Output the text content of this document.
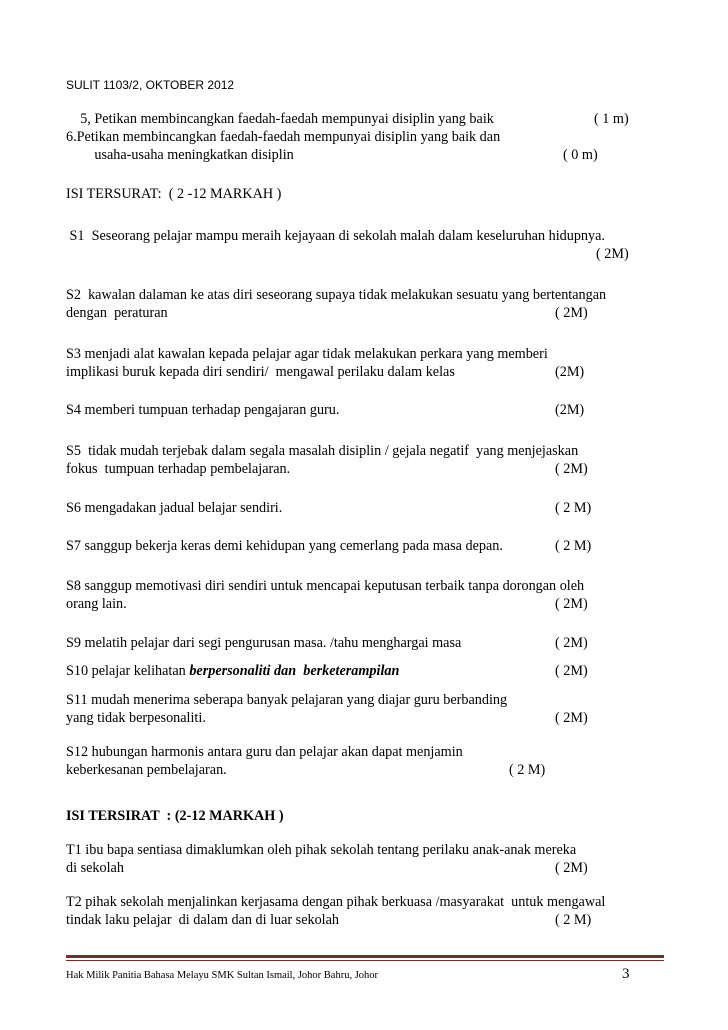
SULIT 1103/2, OKTOBER 2012
5, Petikan membincangkan faedah-faedah mempunyai disiplin yang baik	( 1 m)
6.Petikan membincangkan faedah-faedah mempunyai disiplin yang baik dan
usaha-usaha meningkatkan disiplin	( 0 m)
ISI TERSURAT:  ( 2 -12 MARKAH )
S1  Seseorang pelajar mampu meraih kejayaan di sekolah malah dalam keseluruhan hidupnya.
( 2M)
S2  kawalan dalaman ke atas diri seseorang supaya tidak melakukan sesuatu yang bertentangan
dengan  peraturan	( 2M)
S3 menjadi alat kawalan kepada pelajar agar tidak melakukan perkara yang memberi
implikasi buruk kepada diri sendiri/  mengawal perilaku dalam kelas	(2M)
S4 memberi tumpuan terhadap pengajaran guru.	(2M)
S5  tidak mudah terjebak dalam segala masalah disiplin / gejala negatif  yang menjejaskan
fokus  tumpuan terhadap pembelajaran.	( 2M)
S6 mengadakan jadual belajar sendiri.	( 2 M)
S7 sanggup bekerja keras demi kehidupan yang cemerlang pada masa depan.	( 2 M)
S8 sanggup memotivasi diri sendiri untuk mencapai keputusan terbaik tanpa dorongan oleh
orang lain.	( 2M)
S9 melatih pelajar dari segi pengurusan masa. /tahu menghargai masa	( 2M)
S10 pelajar kelihatan berpersonaliti dan  berketerampilan	( 2M)
S11 mudah menerima seberapa banyak pelajaran yang diajar guru berbanding
yang tidak berpesonaliti.	( 2M)
S12 hubungan harmonis antara guru dan pelajar akan dapat menjamin
keberkesanan pembelajaran.	( 2 M)
ISI TERSIRAT  : (2-12 MARKAH )
T1 ibu bapa sentiasa dimaklumkan oleh pihak sekolah tentang perilaku anak-anak mereka
di sekolah	( 2M)
T2 pihak sekolah menjalinkan kerjasama dengan pihak berkuasa /masyarakat  untuk mengawal
tindak laku pelajar  di dalam dan di luar sekolah	( 2 M)
Hak Milik Panitia Bahasa Melayu SMK Sultan Ismail, Johor Bahru, Johor	3
